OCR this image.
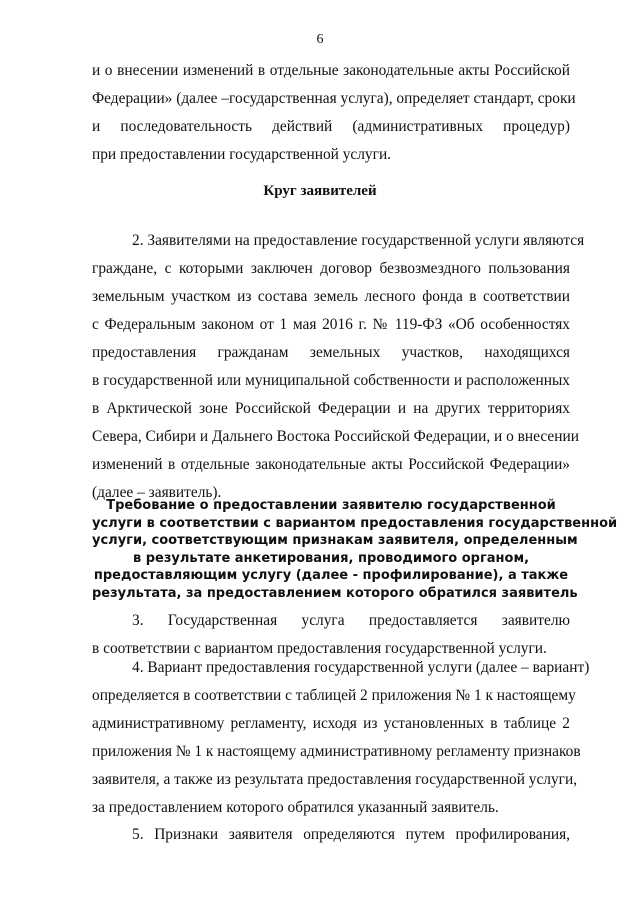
6
и о внесении изменений в отдельные законодательные акты Российской
Федерации» (далее –государственная услуга), определяет стандарт, сроки
и последовательность действий (административных процедур)
при предоставлении государственной услуги.
Круг заявителей
2. Заявителями на предоставление государственной услуги являются
граждане, с которыми заключен договор безвозмездного пользования
земельным участком из состава земель лесного фонда в соответствии
с Федеральным законом от 1 мая 2016 г. № 119-ФЗ «Об особенностях
предоставления гражданам земельных участков, находящихся
в государственной или муниципальной собственности и расположенных
в Арктической зоне Российской Федерации и на других территориях
Севера, Сибири и Дальнего Востока Российской Федерации, и о внесении
изменений в отдельные законодательные акты Российской Федерации»
(далее – заявитель).
Требование о предоставлении заявителю государственной
услуги в соответствии с вариантом предоставления государственной
услуги, соответствующим признакам заявителя, определенным
в результате анкетирования, проводимого органом,
предоставляющим услугу (далее - профилирование), а также
результата, за предоставлением которого обратился заявитель
3. Государственная услуга предоставляется заявителю
в соответствии с вариантом предоставления государственной услуги.
4. Вариант предоставления государственной услуги (далее – вариант)
определяется в соответствии с таблицей 2 приложения № 1 к настоящему
административному регламенту, исходя из установленных в таблице 2
приложения № 1 к настоящему административному регламенту признаков
заявителя, а также из результата предоставления государственной услуги,
за предоставлением которого обратился указанный заявитель.
5. Признаки заявителя определяются путем профилирования,
